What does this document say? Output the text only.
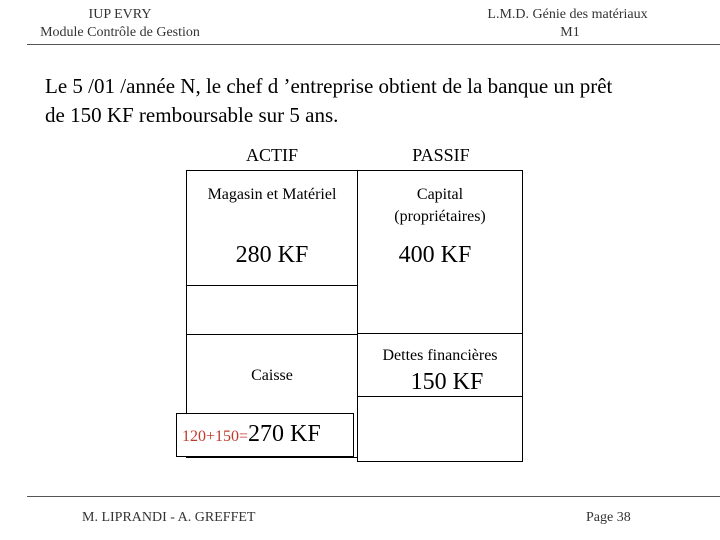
IUP EVRY
Module Contrôle de Gestion
L.M.D. Génie des matériaux
M1
Le 5 /01 /année N, le chef d ’entreprise obtient de la banque un prêt
de 150 KF remboursable sur 5 ans.
ACTIF	PASSIF
Magasin et Matériel
280 KF
Caisse
120+150=270 KF
Capital
(propriétaires)
400 KF
Dettes financières
150 KF
M. LIPRANDI - A. GREFFET	Page 38
